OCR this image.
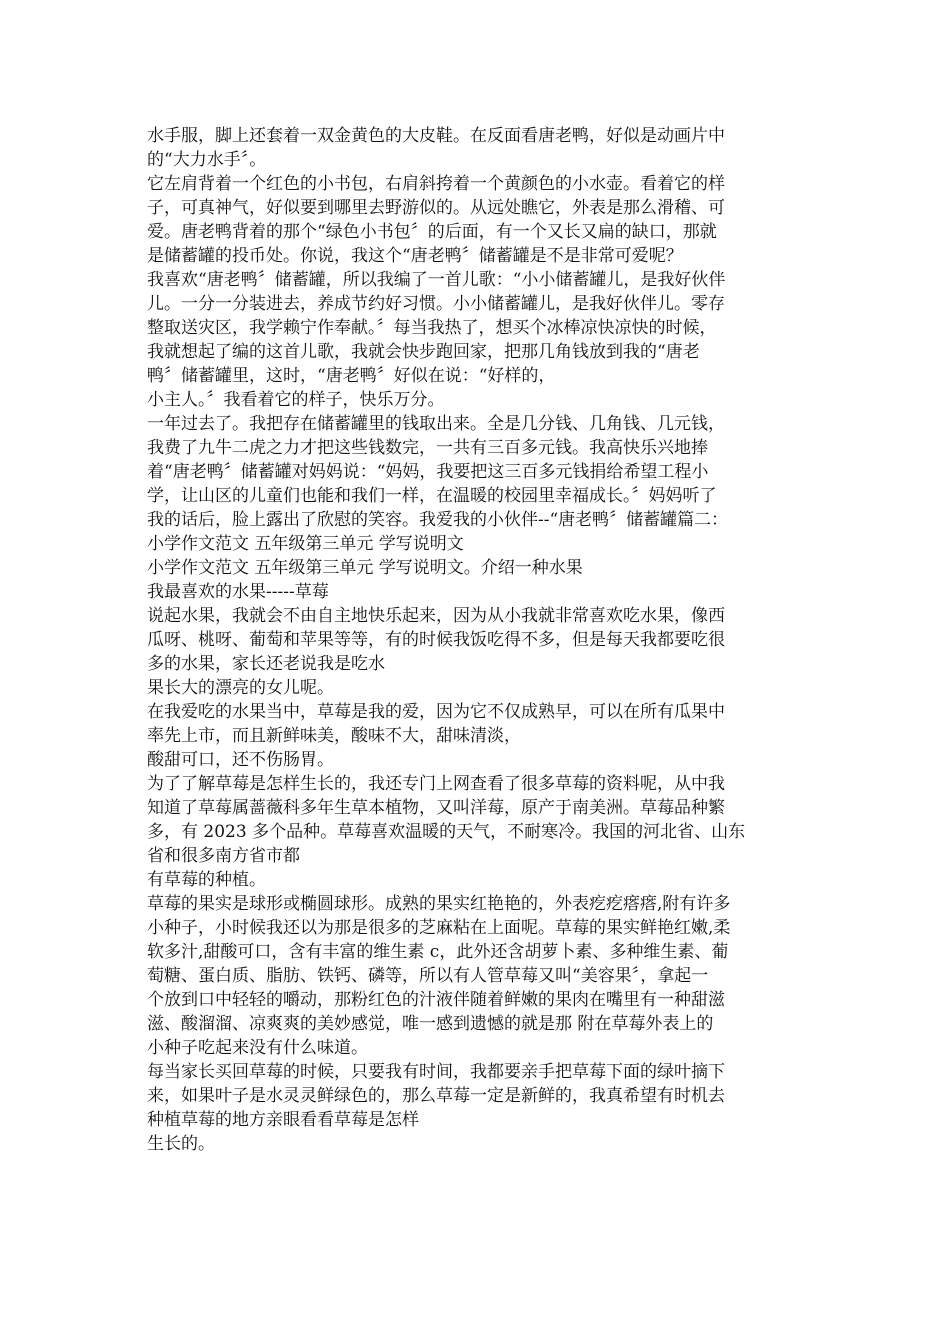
水手服，脚上还套着一双金黄色的大皮鞋。在反面看唐老鸭，好似是动画片中
的“大力水手〞。
它左肩背着一个红色的小书包，右肩斜挎着一个黄颜色的小水壶。看着它的样
子，可真神气，好似要到哪里去野游似的。从远处瞧它，外表是那么滑稽、可
爱。唐老鸭背着的那个“绿色小书包〞的后面，有一个又长又扁的缺口，那就
是储蓄罐的投币处。你说，我这个“唐老鸭〞储蓄罐是不是非常可爱呢？
我喜欢“唐老鸭〞储蓄罐，所以我编了一首儿歌：“小小储蓄罐儿，是我好伙伴
儿。一分一分装进去，养成节约好习惯。小小储蓄罐儿，是我好伙伴儿。零存
整取送灾区，我学赖宁作奉献。〞每当我热了，想买个冰棒凉快凉快的时候，
我就想起了编的这首儿歌，我就会快步跑回家，把那几角钱放到我的“唐老
鸭〞储蓄罐里，这时，“唐老鸭〞好似在说：“好样的，
小主人。〞我看着它的样子，快乐万分。
一年过去了。我把存在储蓄罐里的钱取出来。全是几分钱、几角钱、几元钱，
我费了九牛二虎之力才把这些钱数完，一共有三百多元钱。我高快乐兴地捧
着“唐老鸭〞储蓄罐对妈妈说：“妈妈，我要把这三百多元钱捐给希望工程小
学，让山区的儿童们也能和我们一样，在温暖的校园里幸福成长。〞妈妈听了
我的话后，脸上露出了欣慰的笑容。我爱我的小伙伴--“唐老鸭〞储蓄罐篇二：
小学作文范文 五年级第三单元 学写说明文
小学作文范文 五年级第三单元 学写说明文。介绍一种水果
我最喜欢的水果-----草莓
说起水果，我就会不由自主地快乐起来，因为从小我就非常喜欢吃水果，像西
瓜呀、桃呀、葡萄和苹果等等，有的时候我饭吃得不多，但是每天我都要吃很
多的水果，家长还老说我是吃水
果长大的漂亮的女儿呢。
在我爱吃的水果当中，草莓是我的爱，因为它不仅成熟早，可以在所有瓜果中
率先上市，而且新鲜味美，酸味不大，甜味清淡，
酸甜可口，还不伤肠胃。
为了了解草莓是怎样生长的，我还专门上网查看了很多草莓的资料呢，从中我
知道了草莓属蔷薇科多年生草本植物，又叫洋莓，原产于南美洲。草莓品种繁
多，有 2023 多个品种。草莓喜欢温暖的天气，不耐寒冷。我国的河北省、山东
省和很多南方省市都
有草莓的种植。
草莓的果实是球形或椭圆球形。成熟的果实红艳艳的，外表疙疙瘩瘩,附有许多
小种子，小时候我还以为那是很多的芝麻粘在上面呢。草莓的果实鲜艳红嫩,柔
软多汁,甜酸可口，含有丰富的维生素 c，此外还含胡萝卜素、多种维生素、葡
萄糖、蛋白质、脂肪、铁钙、磷等，所以有人管草莓又叫“美容果〞，拿起一
个放到口中轻轻的嚼动，那粉红色的汁液伴随着鲜嫩的果肉在嘴里有一种甜滋
滋、酸溜溜、凉爽爽的美妙感觉，唯一感到遗憾的就是那 附在草莓外表上的
小种子吃起来没有什么味道。
每当家长买回草莓的时候，只要我有时间，我都要亲手把草莓下面的绿叶摘下
来，如果叶子是水灵灵鲜绿色的，那么草莓一定是新鲜的，我真希望有时机去
种植草莓的地方亲眼看看草莓是怎样
生长的。
